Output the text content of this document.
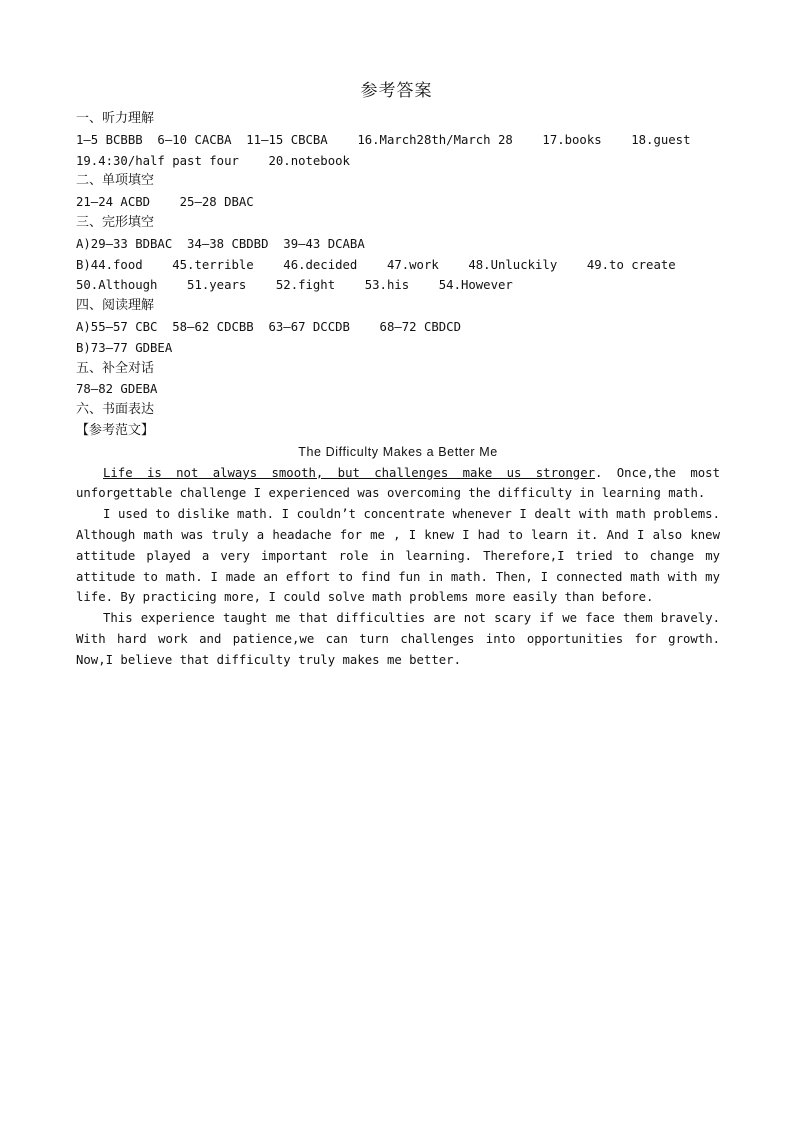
参考答案
一、听力理解
1—5 BCBBB  6—10 CACBA  11—15 CBCBA    16.March28th/March 28    17.books    18.guest
19.4:30/half past four    20.notebook
二、单项填空
21—24 ACBD    25—28 DBAC
三、完形填空
A)29—33 BDBAC  34—38 CBDBD  39—43 DCABA
B)44.food    45.terrible    46.decided    47.work    48.Unluckily    49.to create
50.Although    51.years    52.fight    53.his    54.However
四、阅读理解
A)55—57 CBC  58—62 CDCBB  63—67 DCCDB    68—72 CBDCD
B)73—77 GDBEA
五、补全对话
78—82 GDEBA
六、书面表达
【参考范文】
The Difficulty Makes a Better Me

Life is not always smooth, but challenges make us stronger. Once,the most unforgettable challenge I experienced was overcoming the difficulty in learning math.

I used to dislike math. I couldn’t concentrate whenever I dealt with math problems. Although math was truly a headache for me , I knew I had to learn it. And I also knew attitude played a very important role in learning. Therefore,I tried to change my attitude to math. I made an effort to find fun in math. Then, I connected math with my life. By practicing more, I could solve math problems more easily than before.

This experience taught me that difficulties are not scary if we face them bravely. With hard work and patience,we can turn challenges into opportunities for growth. Now,I believe that difficulty truly makes me better.
